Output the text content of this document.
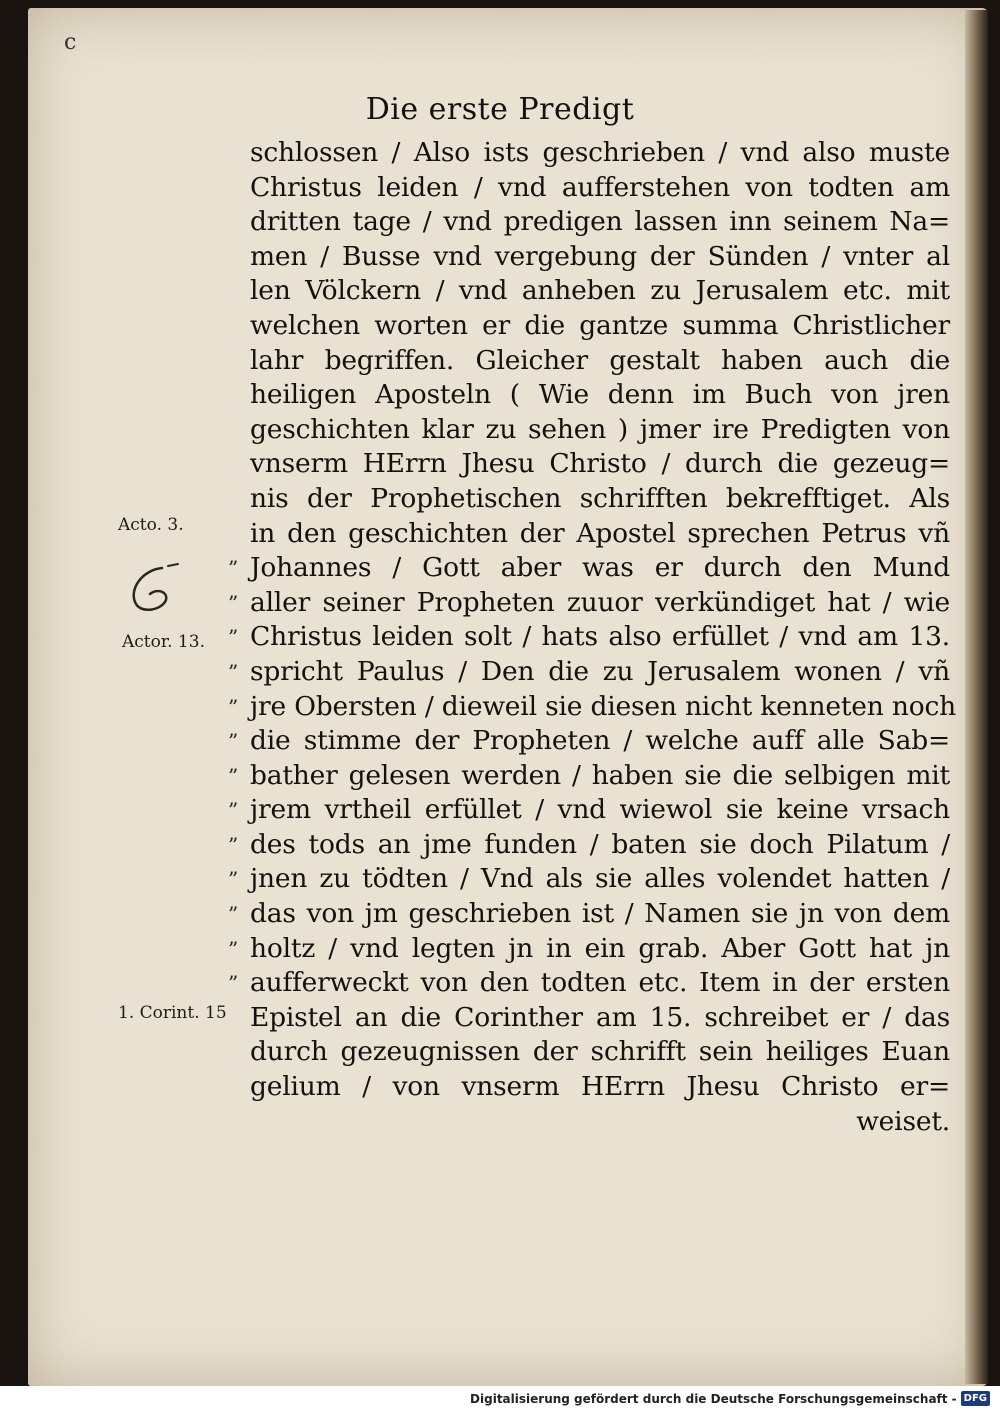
c
Die erste Predigt
Acto. 3.
Actor. 13.
1. Corint. 15
schlossen / Also ists geschrieben / vnd also muste
Christus leiden / vnd aufferstehen von todten am
dritten tage / vnd predigen lassen inn seinem Na=
men / Busse vnd vergebung der Sünden / vnter al
len Völckern / vnd anheben zu Jerusalem etc. mit
welchen worten er die gantze summa Christlicher
lahr begriffen. Gleicher gestalt haben auch die
heiligen Aposteln ( Wie denn im Buch von jren
geschichten klar zu sehen ) jmer ire Predigten von
vnserm HErrn Jhesu Christo / durch die gezeug=
nis der Prophetischen schrifften bekrefftiget. Als
in den geschichten der Apostel sprechen Petrus vñ
” Johannes / Gott aber was er durch den Mund
” aller seiner Propheten zuuor verkündiget hat / wie
” Christus leiden solt / hats also erfüllet / vnd am 13.
” spricht Paulus / Den die zu Jerusalem wonen / vñ
” jre Obersten / dieweil sie diesen nicht kenneten noch
” die stimme der Propheten / welche auff alle Sab=
” bather gelesen werden / haben sie die selbigen mit
” jrem vrtheil erfüllet / vnd wiewol sie keine vrsach
” des tods an jme funden / baten sie doch Pilatum /
” jnen zu tödten / Vnd als sie alles volendet hatten /
” das von jm geschrieben ist / Namen sie jn von dem
” holtz / vnd legten jn in ein grab. Aber Gott hat jn
” aufferweckt von den todten etc. Item in der ersten
Epistel an die Corinther am 15. schreibet er / das
durch gezeugnissen der schrifft sein heiliges Euan
gelium / von vnserm HErrn Jhesu Christo er=
weiset.
Digitalisierung gefördert durch die Deutsche Forschungsgemeinschaft - DFG
